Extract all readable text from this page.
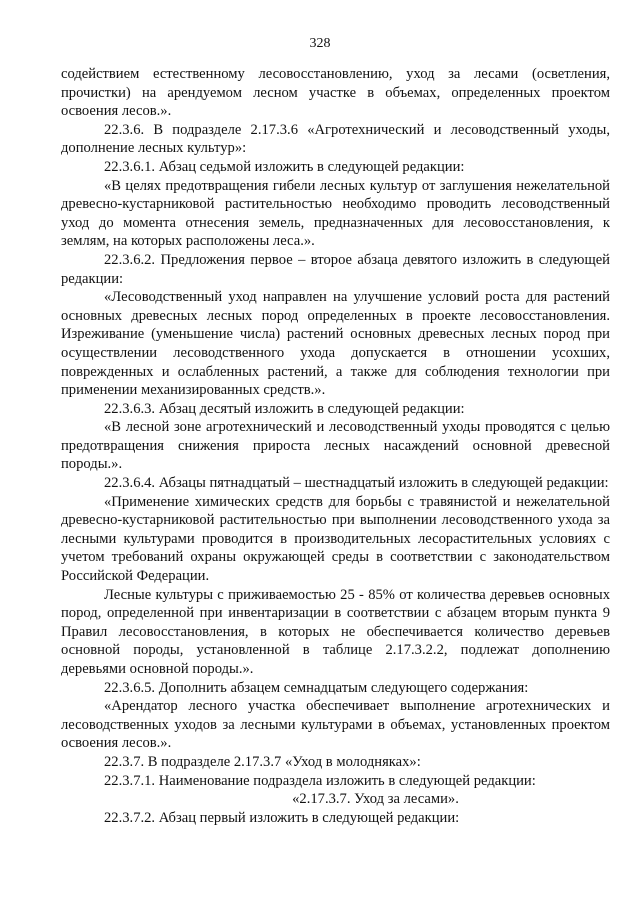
328

содействием естественному лесовосстановлению, уход за лесами (осветления, прочистки) на арендуемом лесном участке в объемах, определенных проектом освоения лесов.».

22.3.6. В подразделе 2.17.3.6 «Агротехнический и лесоводственный уходы, дополнение лесных культур»:

22.3.6.1. Абзац седьмой изложить в следующей редакции:

«В целях предотвращения гибели лесных культур от заглушения нежелательной древесно-кустарниковой растительностью необходимо проводить лесоводственный уход до момента отнесения земель, предназначенных для лесовосстановления, к землям, на которых расположены леса.».

22.3.6.2. Предложения первое – второе абзаца девятого изложить в следующей редакции:

«Лесоводственный уход направлен на улучшение условий роста для растений основных древесных лесных пород определенных в проекте лесовосстановления. Изреживание (уменьшение числа) растений основных древесных лесных пород при осуществлении лесоводственного ухода допускается в отношении усохших, поврежденных и ослабленных растений, а также для соблюдения технологии при применении механизированных средств.».

22.3.6.3. Абзац десятый изложить в следующей редакции:

«В лесной зоне агротехнический и лесоводственный уходы проводятся с целью предотвращения снижения прироста лесных насаждений основной древесной породы.».

22.3.6.4. Абзацы пятнадцатый – шестнадцатый изложить в следующей редакции:

«Применение химических средств для борьбы с травянистой и нежелательной древесно-кустарниковой растительностью при выполнении лесоводственного ухода за лесными культурами проводится в производительных лесорастительных условиях с учетом требований охраны окружающей среды в соответствии с законодательством Российской Федерации.

Лесные культуры с приживаемостью 25 - 85% от количества деревьев основных пород, определенной при инвентаризации в соответствии с абзацем вторым пункта 9 Правил лесовосстановления, в которых не обеспечивается количество деревьев основной породы, установленной в таблице 2.17.3.2.2, подлежат дополнению деревьями основной породы.».

22.3.6.5. Дополнить абзацем семнадцатым следующего содержания:

«Арендатор лесного участка обеспечивает выполнение агротехнических и лесоводственных уходов за лесными культурами в объемах, установленных проектом освоения лесов.».

22.3.7. В подразделе 2.17.3.7 «Уход в молодняках»:

22.3.7.1. Наименование подраздела изложить в следующей редакции:

«2.17.3.7. Уход за лесами».

22.3.7.2. Абзац первый изложить в следующей редакции:
